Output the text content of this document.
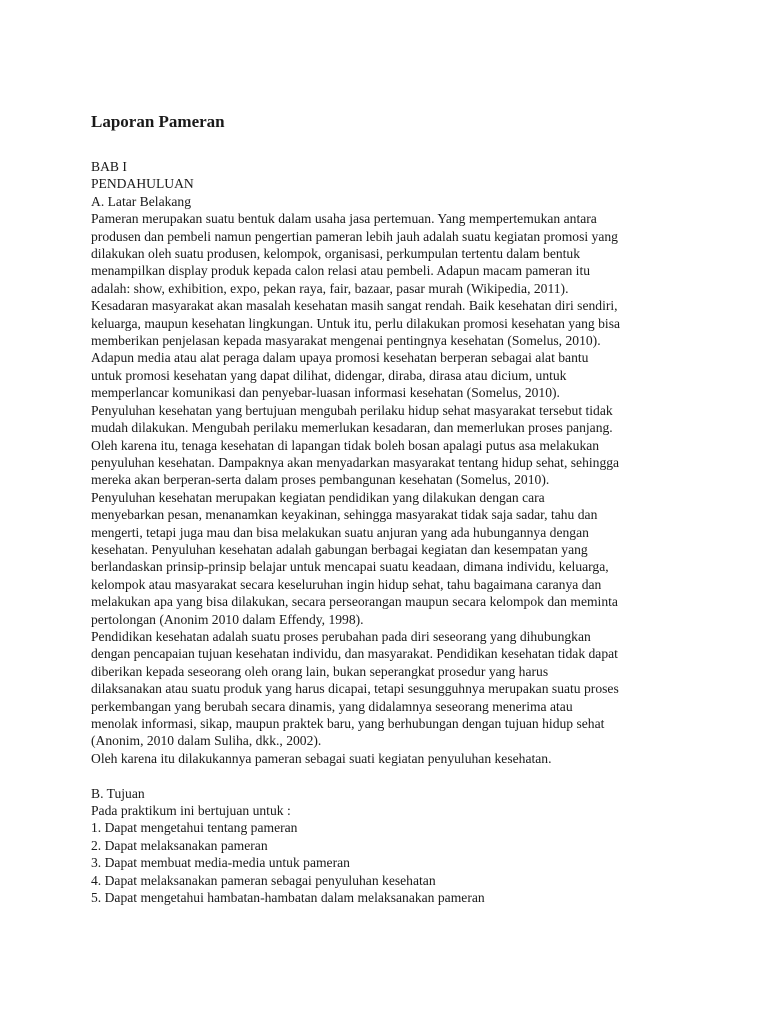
Laporan Pameran
BAB I
PENDAHULUAN
A. Latar Belakang
Pameran merupakan suatu bentuk dalam usaha jasa pertemuan. Yang mempertemukan antara
produsen dan pembeli namun pengertian pameran lebih jauh adalah suatu kegiatan promosi yang
dilakukan oleh suatu produsen, kelompok, organisasi, perkumpulan tertentu dalam bentuk
menampilkan display produk kepada calon relasi atau pembeli. Adapun macam pameran itu
adalah: show, exhibition, expo, pekan raya, fair, bazaar, pasar murah (Wikipedia, 2011).
Kesadaran masyarakat akan masalah kesehatan masih sangat rendah. Baik kesehatan diri sendiri,
keluarga, maupun kesehatan lingkungan. Untuk itu, perlu dilakukan promosi kesehatan yang bisa
memberikan penjelasan kepada masyarakat mengenai pentingnya kesehatan (Somelus, 2010).
Adapun media atau alat peraga dalam upaya promosi kesehatan berperan sebagai alat bantu
untuk promosi kesehatan yang dapat dilihat, didengar, diraba, dirasa atau dicium, untuk
memperlancar komunikasi dan penyebar-luasan informasi kesehatan (Somelus, 2010).
Penyuluhan kesehatan yang bertujuan mengubah perilaku hidup sehat masyarakat tersebut tidak
mudah dilakukan. Mengubah perilaku memerlukan kesadaran, dan memerlukan proses panjang.
Oleh karena itu, tenaga kesehatan di lapangan tidak boleh bosan apalagi putus asa melakukan
penyuluhan kesehatan. Dampaknya akan menyadarkan masyarakat tentang hidup sehat, sehingga
mereka akan berperan-serta dalam proses pembangunan kesehatan (Somelus, 2010).
Penyuluhan kesehatan merupakan kegiatan pendidikan yang dilakukan dengan cara
menyebarkan pesan, menanamkan keyakinan, sehingga masyarakat tidak saja sadar, tahu dan
mengerti, tetapi juga mau dan bisa melakukan suatu anjuran yang ada hubungannya dengan
kesehatan. Penyuluhan kesehatan adalah gabungan berbagai kegiatan dan kesempatan yang
berlandaskan prinsip-prinsip belajar untuk mencapai suatu keadaan, dimana individu, keluarga,
kelompok atau masyarakat secara keseluruhan ingin hidup sehat, tahu bagaimana caranya dan
melakukan apa yang bisa dilakukan, secara perseorangan maupun secara kelompok dan meminta
pertolongan (Anonim 2010 dalam Effendy, 1998).
Pendidikan kesehatan adalah suatu proses perubahan pada diri seseorang yang dihubungkan
dengan pencapaian tujuan kesehatan individu, dan masyarakat. Pendidikan kesehatan tidak dapat
diberikan kepada seseorang oleh orang lain, bukan seperangkat prosedur yang harus
dilaksanakan atau suatu produk yang harus dicapai, tetapi sesungguhnya merupakan suatu proses
perkembangan yang berubah secara dinamis, yang didalamnya seseorang menerima atau
menolak informasi, sikap, maupun praktek baru, yang berhubungan dengan tujuan hidup sehat
(Anonim, 2010 dalam Suliha, dkk., 2002).
Oleh karena itu dilakukannya pameran sebagai suati kegiatan penyuluhan kesehatan.
B. Tujuan
Pada praktikum ini bertujuan untuk :
1. Dapat mengetahui tentang pameran
2. Dapat melaksanakan pameran
3. Dapat membuat media-media untuk pameran
4. Dapat melaksanakan pameran sebagai penyuluhan kesehatan
5. Dapat mengetahui hambatan-hambatan dalam melaksanakan pameran
